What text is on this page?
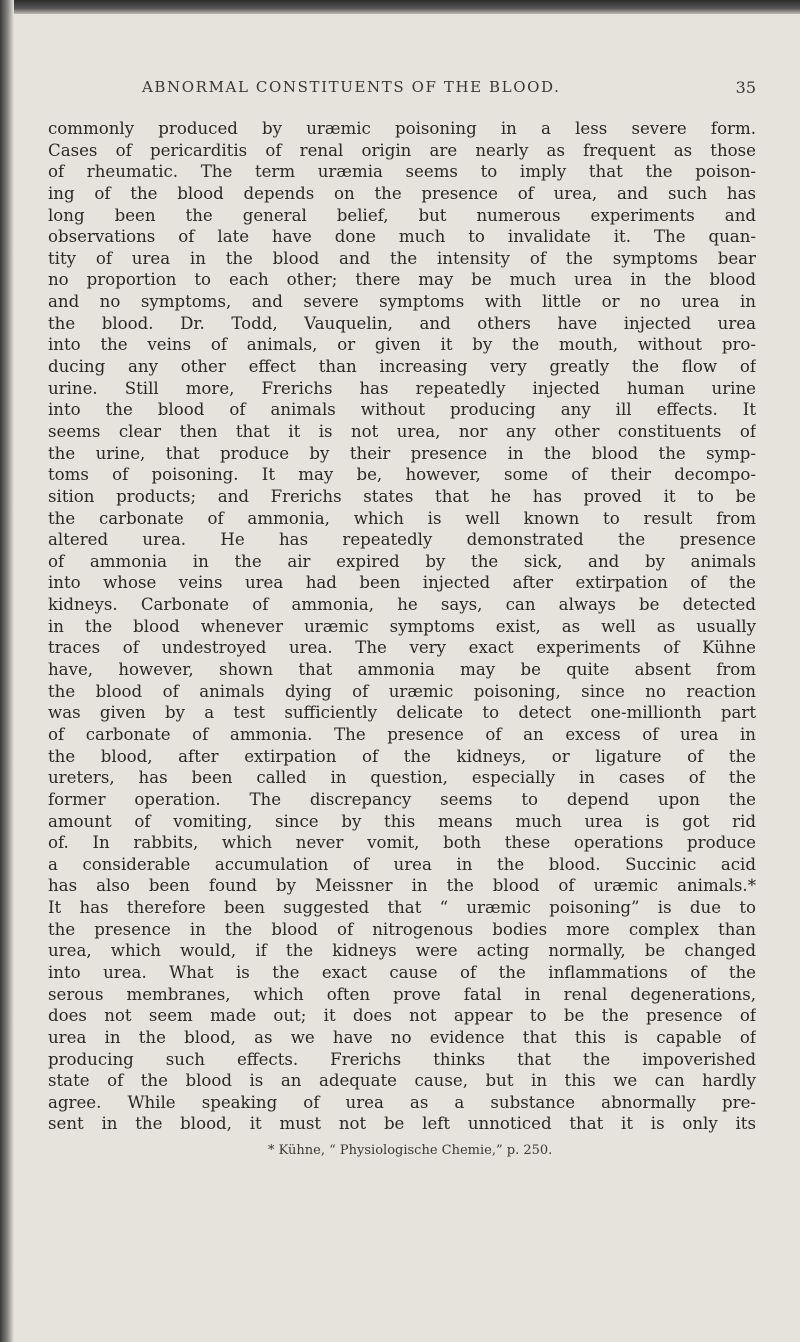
ABNORMAL CONSTITUENTS OF THE BLOOD.	35
commonly produced by uræmic poisoning in a less severe form.
Cases of pericarditis of renal origin are nearly as frequent as those
of rheumatic. The term uræmia seems to imply that the poison-
ing of the blood depends on the presence of urea, and such has
long been the general belief, but numerous experiments and
observations of late have done much to invalidate it. The quan-
tity of urea in the blood and the intensity of the symptoms bear
no proportion to each other; there may be much urea in the blood
and no symptoms, and severe symptoms with little or no urea in
the blood. Dr. Todd, Vauquelin, and others have injected urea
into the veins of animals, or given it by the mouth, without pro-
ducing any other effect than increasing very greatly the flow of
urine. Still more, Frerichs has repeatedly injected human urine
into the blood of animals without producing any ill effects. It
seems clear then that it is not urea, nor any other constituents of
the urine, that produce by their presence in the blood the symp-
toms of poisoning. It may be, however, some of their decompo-
sition products; and Frerichs states that he has proved it to be
the carbonate of ammonia, which is well known to result from
altered urea. He has repeatedly demonstrated the presence
of ammonia in the air expired by the sick, and by animals
into whose veins urea had been injected after extirpation of the
kidneys. Carbonate of ammonia, he says, can always be detected
in the blood whenever uræmic symptoms exist, as well as usually
traces of undestroyed urea. The very exact experiments of Kühne
have, however, shown that ammonia may be quite absent from
the blood of animals dying of uræmic poisoning, since no reaction
was given by a test sufficiently delicate to detect one-millionth part
of carbonate of ammonia. The presence of an excess of urea in
the blood, after extirpation of the kidneys, or ligature of the
ureters, has been called in question, especially in cases of the
former operation. The discrepancy seems to depend upon the
amount of vomiting, since by this means much urea is got rid
of. In rabbits, which never vomit, both these operations produce
a considerable accumulation of urea in the blood. Succinic acid
has also been found by Meissner in the blood of uræmic animals.*
It has therefore been suggested that “ uræmic poisoning” is due to
the presence in the blood of nitrogenous bodies more complex than
urea, which would, if the kidneys were acting normally, be changed
into urea. What is the exact cause of the inflammations of the
serous membranes, which often prove fatal in renal degenerations,
does not seem made out; it does not appear to be the presence of
urea in the blood, as we have no evidence that this is capable of
producing such effects. Frerichs thinks that the impoverished
state of the blood is an adequate cause, but in this we can hardly
agree. While speaking of urea as a substance abnormally pre-
sent in the blood, it must not be left unnoticed that it is only its
* Kühne, “ Physiologische Chemie,” p. 250.
